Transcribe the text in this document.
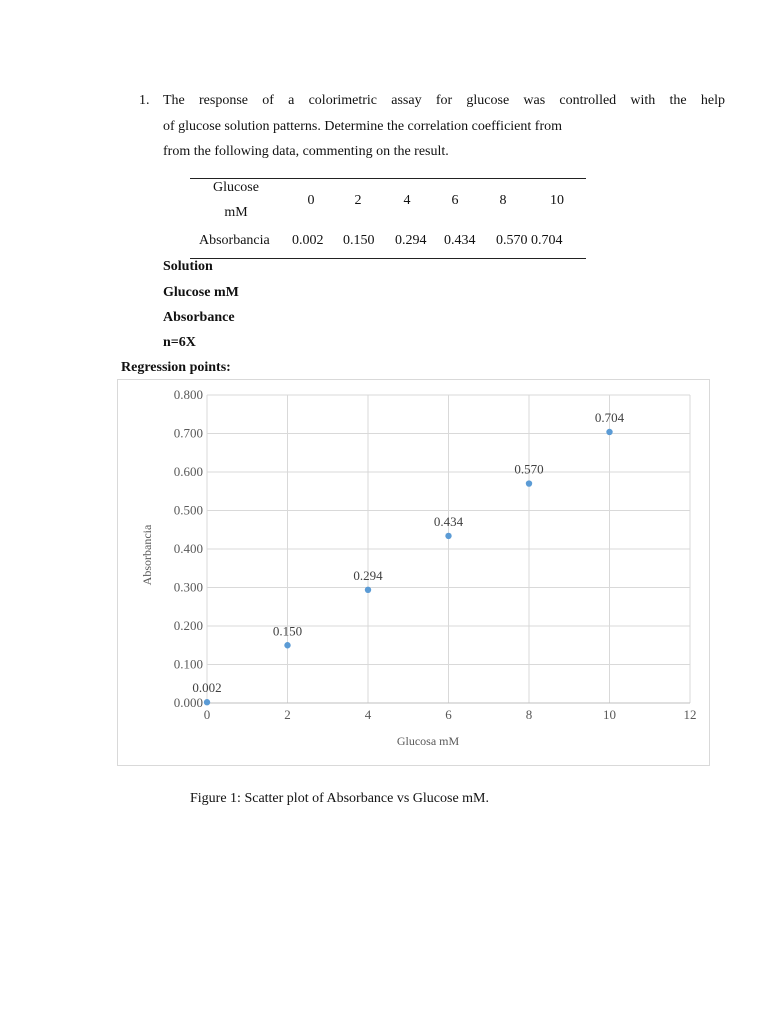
1. The response of a colorimetric assay for glucose was controlled with the help
of glucose solution patterns. Determine the correlation coefficient from
from the following data, commenting on the result.
Glucose
mM
0	2	4	6	8	10
Absorbancia 0.002 0.150 0.294 0.434 0.570 0.704
Solution
Glucose mM
Absorbance
n=6X
Regression points:
0.000
0.100
0.200
0.300
0.400
0.500
0.600
0.700
0.800
0	2	4	6	8	10	12
0.002
0.150
0.294
0.434
0.570
0.704
Glucosa mM
Absorbancia
Figure 1: Scatter plot of Absorbance vs Glucose mM.
